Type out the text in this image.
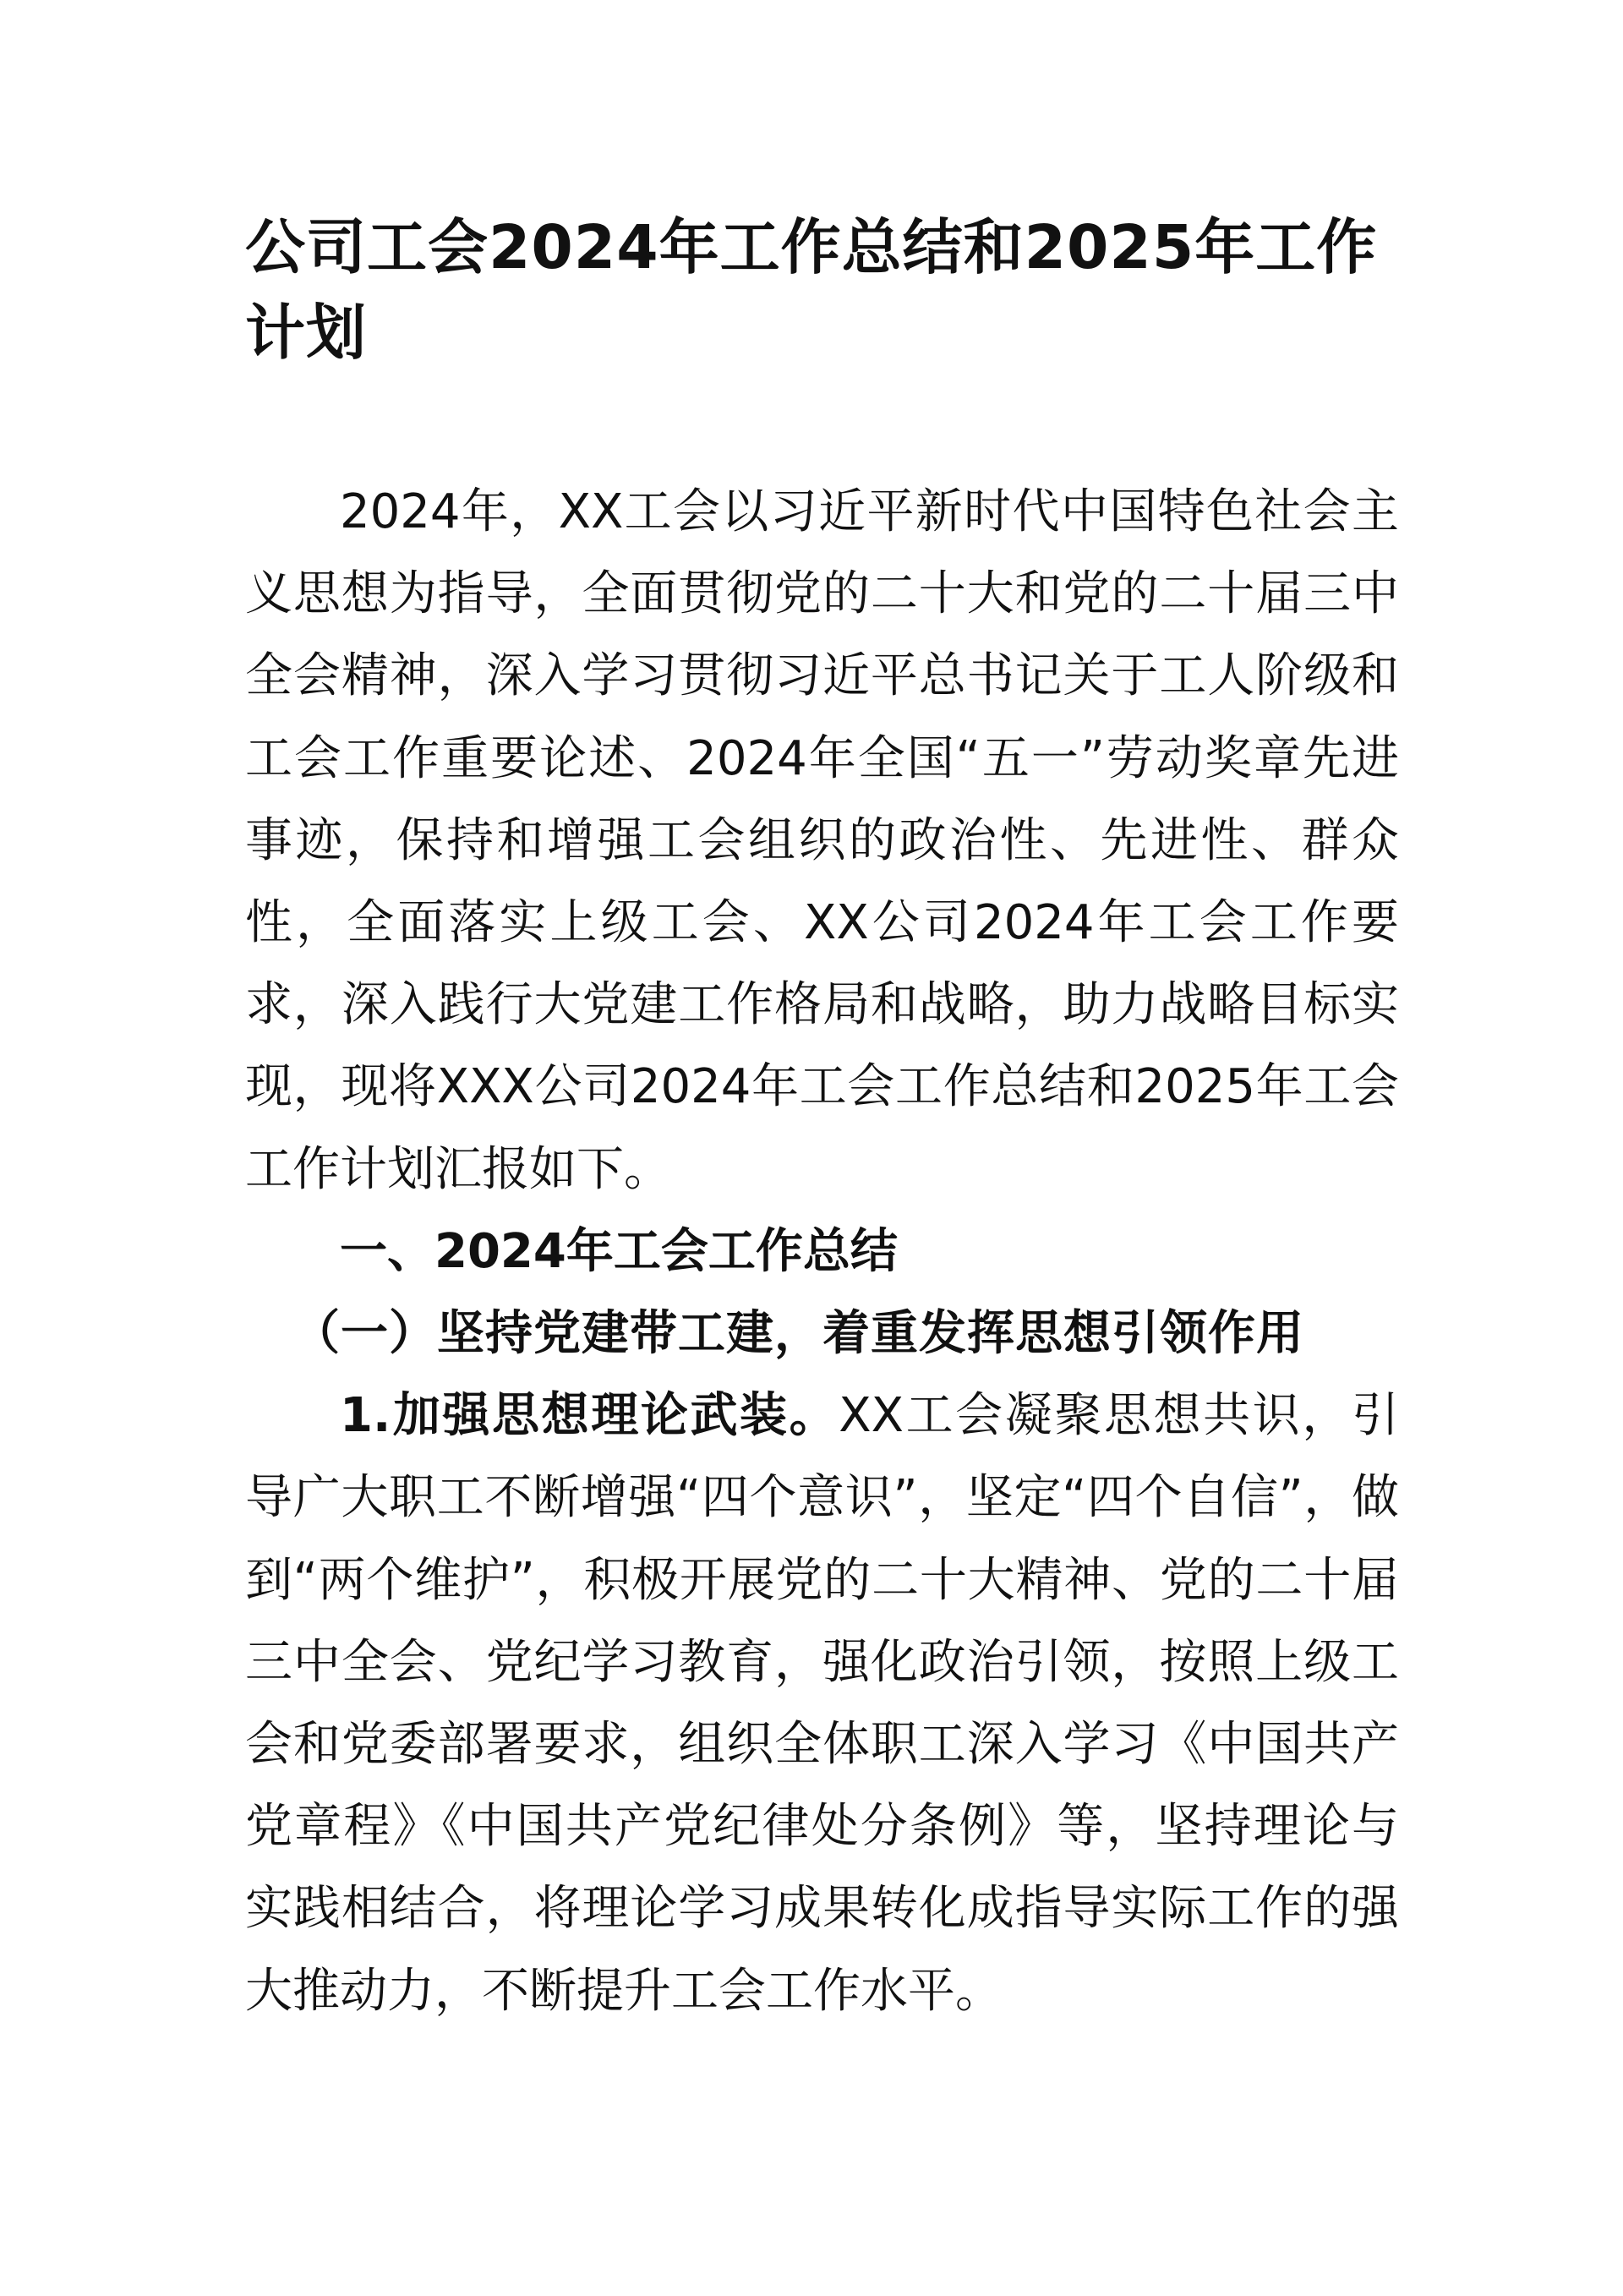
公司工会2024年工作总结和2025年工作计划

2024年，XX工会以习近平新时代中国特色社会主义思想为指导，全面贯彻党的二十大和党的二十届三中全会精神，深入学习贯彻习近平总书记关于工人阶级和工会工作重要论述、2024年全国“五一”劳动奖章先进事迹，保持和增强工会组织的政治性、先进性、群众性，全面落实上级工会、XX公司2024年工会工作要求，深入践行大党建工作格局和战略，助力战略目标实现，现将XXX公司2024年工会工作总结和2025年工会工作计划汇报如下。

一、2024年工会工作总结

（一）坚持党建带工建，着重发挥思想引领作用

1.加强思想理论武装。XX工会凝聚思想共识，引导广大职工不断增强“四个意识”，坚定“四个自信”，做到“两个维护”，积极开展党的二十大精神、党的二十届三中全会、党纪学习教育，强化政治引领，按照上级工会和党委部署要求，组织全体职工深入学习《中国共产党章程》《中国共产党纪律处分条例》等，坚持理论与实践相结合，将理论学习成果转化成指导实际工作的强大推动力，不断提升工会工作水平。
